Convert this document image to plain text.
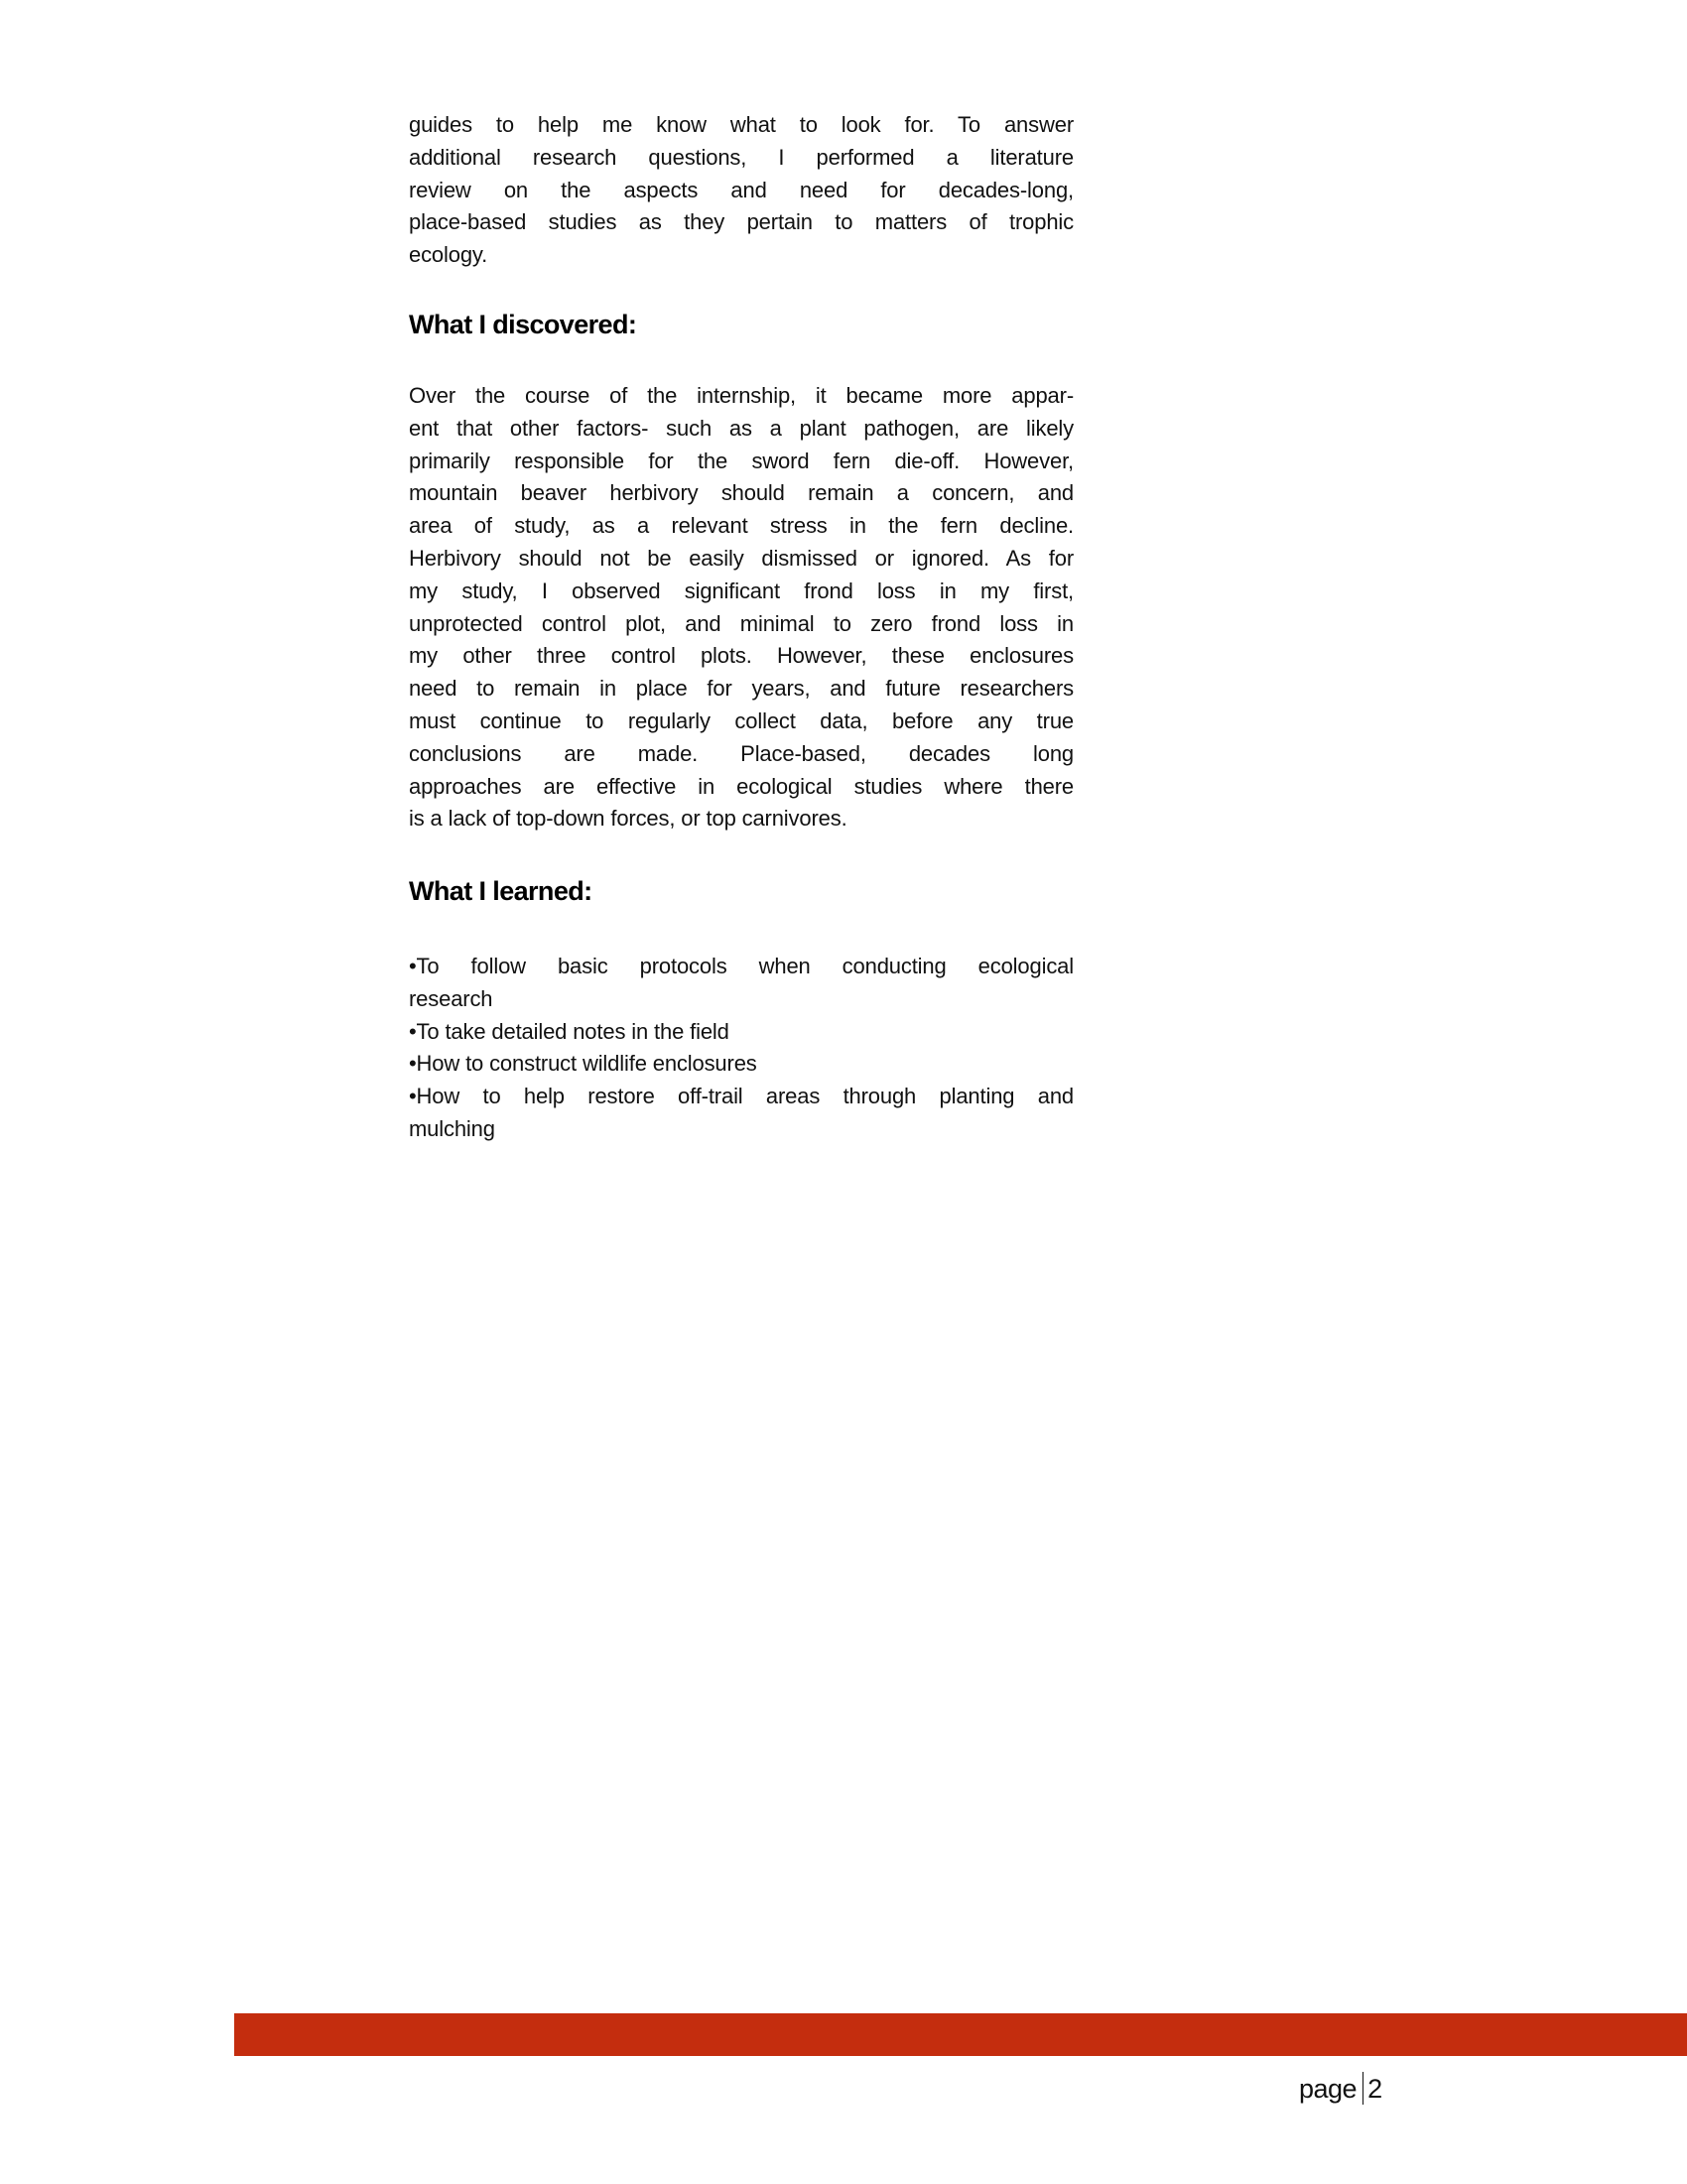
guides to help me know what to look for. To answer
additional research questions, I performed a literature
review on the aspects and need for decades-long,
place-based studies as they pertain to matters of trophic
ecology.
What I discovered:
Over the course of the internship, it became more appar-
ent that other factors- such as a plant pathogen, are likely
primarily responsible for the sword fern die-off. However,
mountain beaver herbivory should remain a concern, and
area of study, as a relevant stress in the fern decline.
Herbivory should not be easily dismissed or ignored. As for
my study, I observed significant frond loss in my first,
unprotected control plot, and minimal to zero frond loss in
my other three control plots. However, these enclosures
need to remain in place for years, and future researchers
must continue to regularly collect data, before any true
conclusions are made. Place-based, decades long
approaches are effective in ecological studies where there
is a lack of top-down forces, or top carnivores.
What I learned:
•To follow basic protocols when conducting ecological
research
•To take detailed notes in the field
•How to construct wildlife enclosures
•How to help restore off-trail areas through planting and
mulching
page 2
